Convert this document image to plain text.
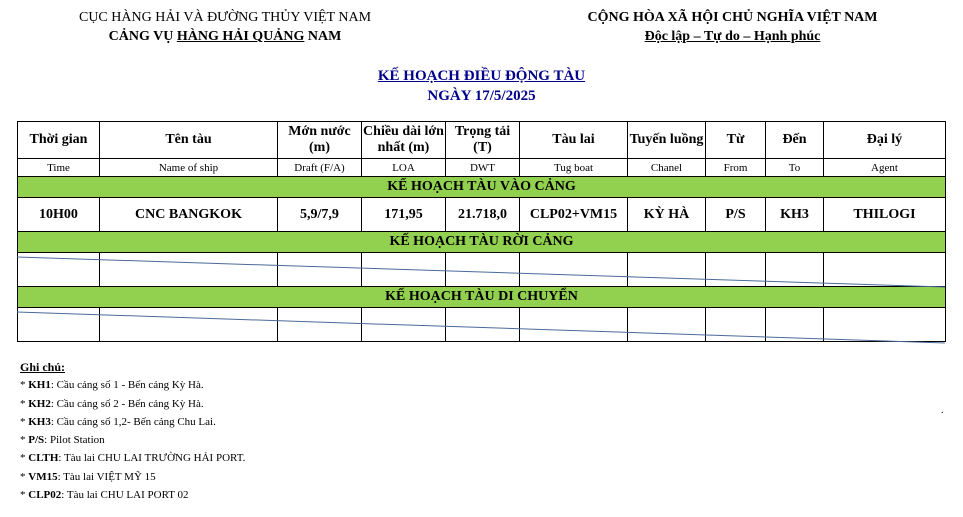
CỤC HÀNG HẢI VÀ ĐƯỜNG THỦY VIỆT NAM
CẢNG VỤ HÀNG HẢI QUẢNG NAM
CỘNG HÒA XÃ HỘI CHỦ NGHĨA VIỆT NAM
Độc lập – Tự do – Hạnh phúc
KẾ HOẠCH ĐIỀU ĐỘNG TÀU
NGÀY 17/5/2025
Thời gian	Tên tàu	Mớn nước (m)	Chiều dài lớn nhất (m)	Trọng tải (T)	Tàu lai	Tuyến luồng	Từ	Đến	Đại lý
Time	Name of ship	Draft (F/A)	LOA	DWT	Tug boat	Chanel	From	To	Agent
KẾ HOẠCH TÀU VÀO CẢNG									
10H00	CNC BANGKOK	5,9/7,9	171,95	21.718,0	CLP02+VM15	KỲ HÀ	P/S	KH3	THILOGI
KẾ HOẠCH TÀU RỜI CẢNG									

KẾ HOẠCH TÀU DI CHUYỂN									

Ghi chú:
* KH1: Cầu cảng số 1 - Bến cảng Kỳ Hà.
* KH2: Cầu cảng số 2 - Bến cảng Kỳ Hà.
* KH3: Cầu cảng số 1,2- Bến cảng Chu Lai.
* P/S: Pilot Station
* CLTH: Tàu lai CHU LAI TRƯỜNG HẢI PORT.
* VM15: Tàu lai VIỆT MỸ 15
* CLP02: Tàu lai CHU LAI PORT 02
.
